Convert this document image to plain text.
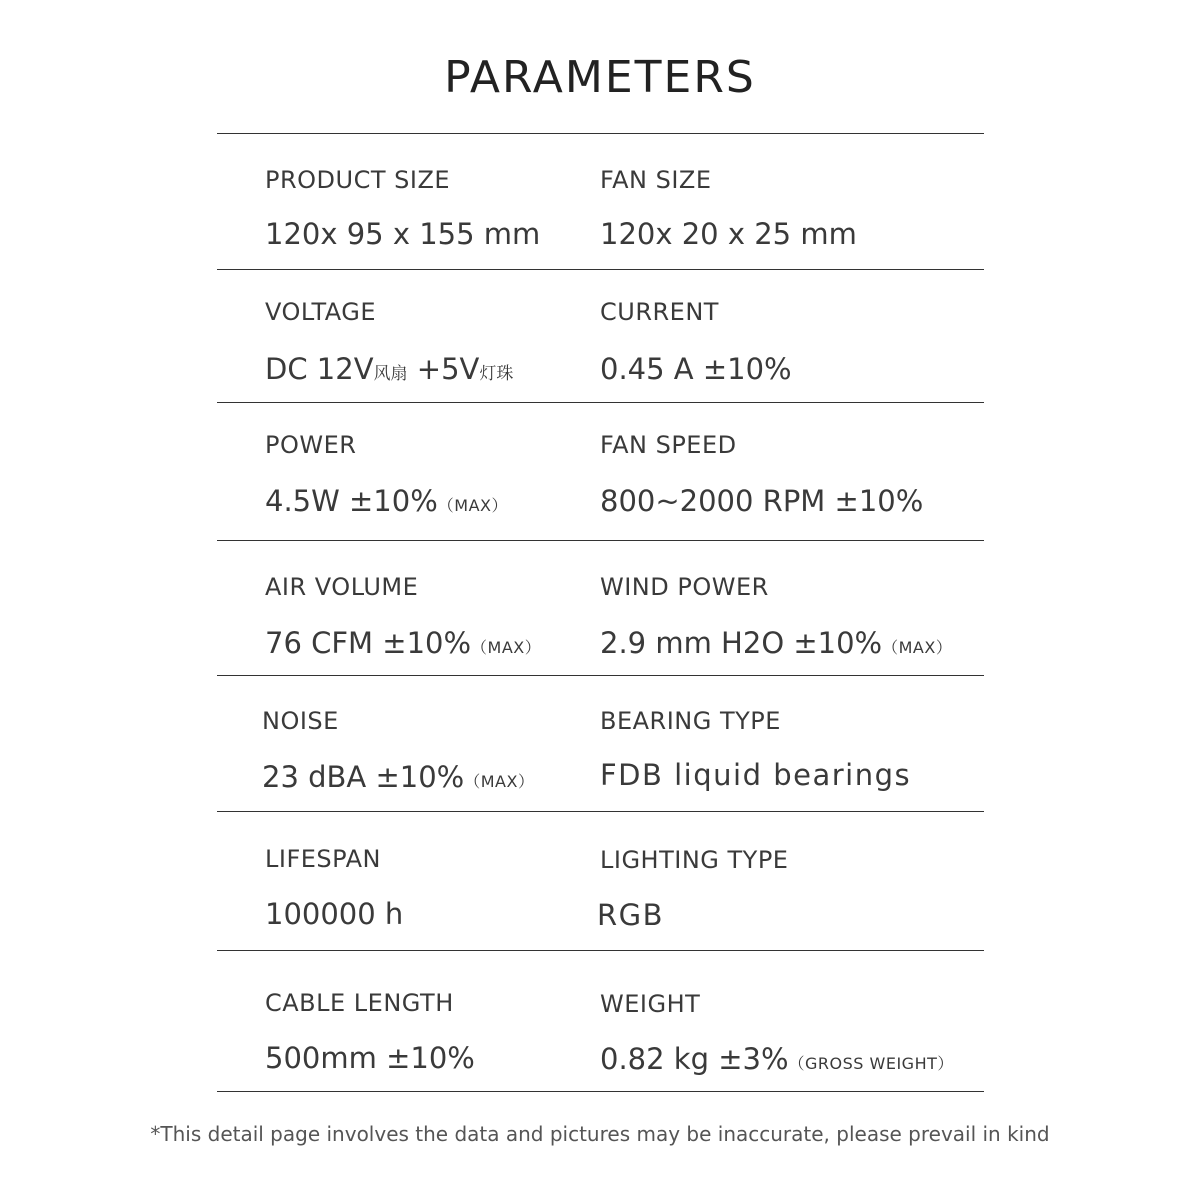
PARAMETERS
PRODUCT SIZE
120x 95 x 155 mm
FAN SIZE
120x 20 x 25 mm
VOLTAGE
DC 12V风扇 +5V灯珠
CURRENT
0.45 A ±10%
POWER
4.5W ±10%（MAX）
FAN SPEED
800~2000 RPM ±10%
AIR VOLUME
76 CFM ±10%（MAX）
WIND POWER
2.9 mm H2O ±10%（MAX）
NOISE
23 dBA ±10%（MAX）
BEARING TYPE
FDB liquid bearings
LIFESPAN
100000 h
LIGHTING TYPE
RGB
CABLE LENGTH
500mm ±10%
WEIGHT
0.82 kg ±3%（GROSS WEIGHT）
*This detail page involves the data and pictures may be inaccurate, please prevail in kind
